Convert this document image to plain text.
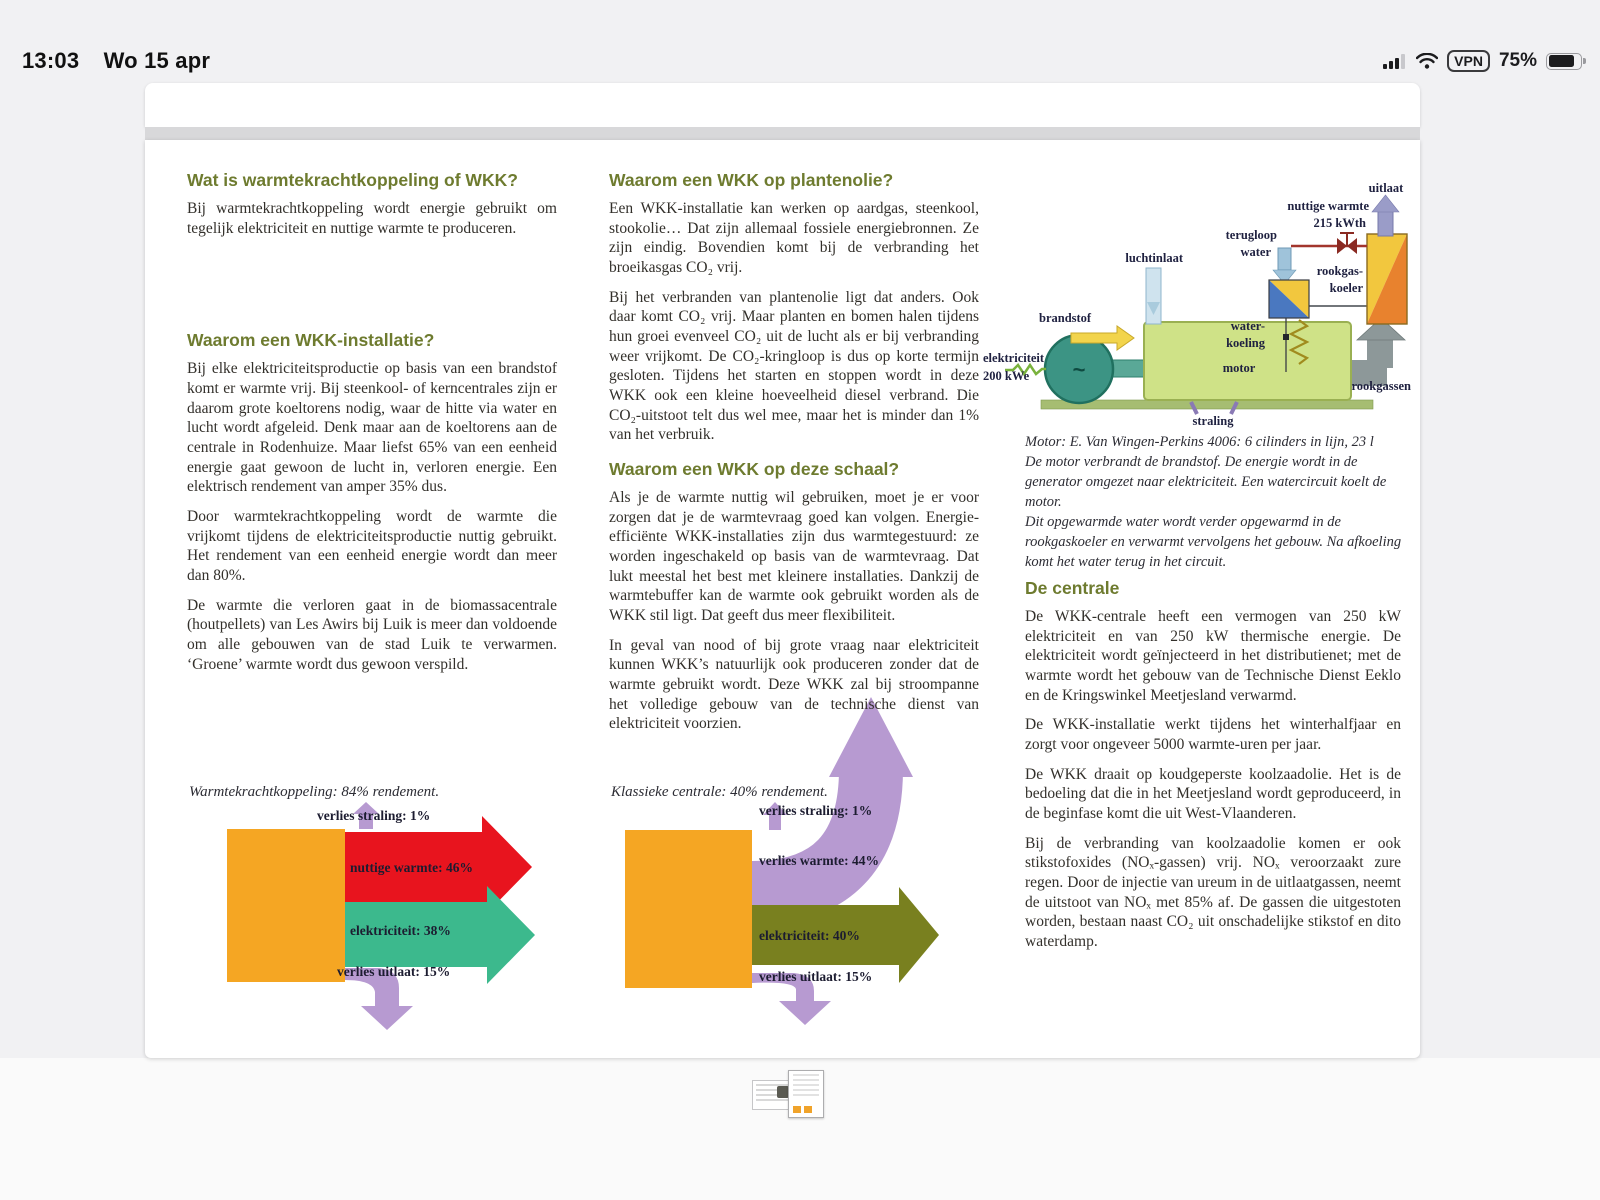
13:03 Wo 15 apr	VPN 75%
Wat is warmtekrachtkoppeling of WKK?

Bij warmtekrachtkoppeling wordt energie gebruikt om tegelijk elektriciteit en nuttige warmte te produceren.

Waarom een WKK-installatie?

Bij elke elektriciteitsproductie op basis van een brandstof komt er warmte vrij. Bij steenkool- of kerncentrales zijn er daarom grote koeltorens nodig, waar de hitte via water en lucht wordt afgeleid. Denk maar aan de koeltorens aan de centrale in Rodenhuize. Maar liefst 65% van een eenheid energie gaat gewoon de lucht in, verloren energie. Een elektrisch rendement van amper 35% dus.

Door warmtekrachtkoppeling wordt de warmte die vrijkomt tijdens de elektriciteitsproductie nuttig gebruikt. Het rendement van een eenheid energie wordt dan meer dan 80%.

De warmte die verloren gaat in de biomassacentrale (houtpellets) van Les Awirs bij Luik is meer dan voldoende om alle gebouwen van de stad Luik te verwarmen. ‘Groene’ warmte wordt dus gewoon verspild.

Warmtekrachtkoppeling: 84% rendement.
verlies straling: 1%
nuttige warmte: 46%
elektriciteit: 38%
verlies uitlaat: 15%
Waarom een WKK op plantenolie?

Een WKK-installatie kan werken op aardgas, steenkool, stookolie… Dat zijn allemaal fossiele energiebronnen. Ze zijn eindig. Bovendien komt bij de verbranding het broeikasgas CO₂ vrij.

Bij het verbranden van plantenolie ligt dat anders. Ook daar komt CO₂ vrij. Maar planten en bomen halen tijdens hun groei evenveel CO₂ uit de lucht als er bij verbranding weer vrijkomt. De CO₂-kringloop is dus op korte termijn gesloten. Tijdens het starten en stoppen wordt in deze WKK ook een kleine hoeveelheid diesel verbrand. Die CO₂-uitstoot telt dus wel mee, maar het is minder dan 1% van het verbruik.

Waarom een WKK op deze schaal?

Als je de warmte nuttig wil gebruiken, moet je er voor zorgen dat je de warmtevraag goed kan volgen. Energie-efficiënte WKK-installaties zijn dus warmtegestuurd: ze worden ingeschakeld op basis van de warmtevraag. Dat lukt meestal het best met kleinere installaties. Dankzij de warmtebuffer kan de warmte ook gebruikt worden als de WKK stil ligt. Dat geeft dus meer flexibiliteit.

In geval van nood of bij grote vraag naar elektriciteit kunnen WKK’s natuurlijk ook produceren zonder dat de warmte gebruikt wordt. Deze WKK zal bij stroompanne het volledige gebouw van de technische dienst van elektriciteit voorzien.

Klassieke centrale: 40% rendement.
verlies straling: 1%
verlies warmte: 44%
elektriciteit: 40%
verlies uitlaat: 15%
~
uitlaat
nuttige warmte
215 kWth
terugloop
water
luchtinlaat
rookgas-
koeler
brandstof
water-
koeling
elektriciteit
200 kWe
motor
rookgassen
straling
Motor: E. Van Wingen-Perkins 4006: 6 cilinders in lijn, 23 l
De motor verbrandt de brandstof. De energie wordt in de generator omgezet naar elektriciteit. Een watercircuit koelt de motor.
Dit opgewarmde water wordt verder opgewarmd in de rookgaskoeler en verwarmt vervolgens het gebouw. Na afkoeling komt het water terug in het circuit.
De centrale

De WKK-centrale heeft een vermogen van 250 kW elektriciteit en van 250 kW thermische energie. De elektriciteit wordt geïnjecteerd in het distributienet; met de warmte wordt het gebouw van de Technische Dienst Eeklo en de Kringswinkel Meetjesland verwarmd.

De WKK-installatie werkt tijdens het winterhalfjaar en zorgt voor ongeveer 5000 warmte-uren per jaar.

De WKK draait op koudgeperste koolzaadolie. Het is de bedoeling dat die in het Meetjesland wordt geproduceerd, in de beginfase komt die uit West-Vlaanderen.

Bij de verbranding van koolzaadolie komen er ook stikstofoxides (NOₓ-gassen) vrij. NOₓ veroorzaakt zure regen. Door de injectie van ureum in de uitlaatgassen, neemt de uitstoot van NOₓ met 85% af. De gassen die uitgestoten worden, bestaan naast CO₂ uit onschadelijke stikstof en dito waterdamp.
